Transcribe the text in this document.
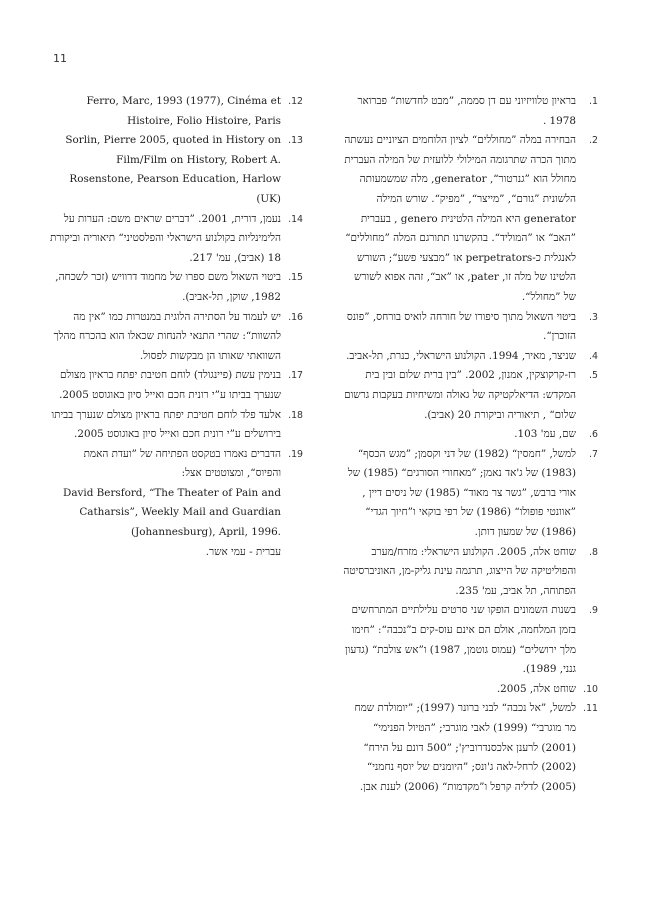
11
1.
בראיון טלוויזיוני עם דן סממה, ”מבט לחדשות“ פברואר 1978 .
2.
הבחירה במלה ”מחוללים“ לציון הלוחמים הציוניים נעשתה מתוך הכרה שתרגומה המילולי ללועזית של המילה העברית מחולל הוא ”גנרטור“, generator, מלה שמשמעותה הלשונית ”גורם“, ”מייצר“, ”מפיק“. שורש המילה generator היא המילה הלטינית genero , בעברית ”האב“ או ”המוליד“. בהקשרנו תתורגם המלה ”מחוללים“ לאנגלית כ-perpetrators או ”מבצעי פשע“; השורש הלטינו של מלה זו, pater, או ”אב“, זהה אפוא לשורש של ”מחולל“.
3.
ביטוי השאול מתוך סיפורו של חורחה לואיס בורחס, ”פונס הזוכרן“.
4.
שניצר, מאיר, 1994. הקולנוע הישראלי, כנרת, תל-אביב.
5.
רז-קרקוצקין, אמנון, 2002. ”בין ברית שלום ובין בית המקדש: הדיאלקטיקה של גאולה ומשיחיות בעקבות גרשום שלום“ , תיאוריה וביקורת 20 (אביב).
6.
שם, עמ' 103.
7.
למשל, ”חמסין“ (1982) של דני וקסמן; ”מגש הכסף“ (1983) של ג'אד נאמן; ”מאחורי הסורגים“ (1985) של אורי ברבש, ”גשר צר מאוד“ (1985) של ניסים דיין , ”אוונטי פופולו“ (1986) של רפי בוקאי ו”חיוך הגדי“ (1986) של שמעון דותן.
8.
שוחט אלה, 2005. הקולנוע הישראלי: מזרח/מערב והפוליטיקה של הייצוג, תרגמה עינת גליק-מן, האוניברסיטה הפתוחה, תל אביב, עמ' 235.
9.
בשנות השמונים הופקו שני סרטים עלילתיים המתרחשים בזמן המלחמה, אולם הם אינם עוס-קים ב”נכבה“: ”חימו מלך ירושלים“ (עמוס גוטמן, 1987) ו”אש צולבת“ (גדעון גנני, 1989).
10.
שוחט אלה, 2005.
11.
למשל, ”אל נכבה“ לבני ברונר (1997); ”יומולדת שמח מר מוגרבי“ (1999) לאבי מוגרבי; ”הטיול הפנימי“ (2001) לרענן אלכסנדרוביץ'; ”500 דונם על הירח“ (2002) לרחל-לאה ג'ונס; ”היומנים של יוסף נחמני“ (2005) לדליה קרפל ו”מקדמות“ (2006) לענת אבן.
12.
Ferro, Marc, 1993 (1977), Cinéma et Histoire, Folio Histoire, Paris
13.
Sorlin, Pierre 2005, quoted in History on Film/Film on History, Robert A. Rosenstone, Pearson Education, Harlow (UK)
14.
נעמן, דורית, 2001. ”דברים שראים משם: הערות על הלימינליות בקולנוע הישראלי והפלסטיני“ תיאוריה וביקורת 18 (אביב), עמ' 217.
15.
ביטוי השאול משם ספרו של מחמוד דרוויש (זכר לשכחה, 1982, שוקן, תל-אביב).
16.
יש לעמוד על הסתירה הלוגית במנטרות כמו ”אין מה להשוות“: שהרי התנאי להנחות שכאלו הוא בהכרח מהלך השוואתי שאותו הן מבקשות לפסול.
17.
בנימין עשת (פיינגולד) לוחם חטיבת יפתח בראיון מצולם שנערך בביתו ע”י רונית חכם ואייל סיון באוגוסט 2005.
18.
אלעד פלד לוחם חטיבת יפתח בראיון מצולם שנערך בביתו בירושלים ע”י רונית חכם ואייל סיון באוגוסט 2005.
19.
הדברים נאמרו בטקסט הפתיחה של ”ועדת האמת והפיוס“, ומצוטטים אצל:
David Bersford, “The Theater of Pain and Catharsis”, Weekly Mail and Guardian (Johannesburg), April, 1996.
עברית - עמי אשר.
